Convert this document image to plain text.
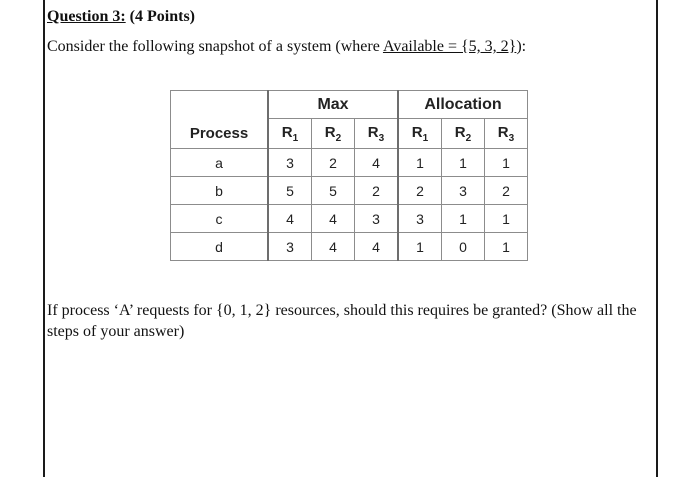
Question 3: (4 Points)
Consider the following snapshot of a system (where Available = {5, 3, 2}):
	Max			Allocation		
Process	$R_1$	$R_2$	$R_3$	$R_1$	$R_2$	$R_3$
a	3	2	4	1	1	1
b	5	5	2	2	3	2
c	4	4	3	3	1	1
d	3	4	4	1	0	1
If process ‘A’ requests for {0, 1, 2} resources, should this requires be granted? (Show all the steps of your answer)
